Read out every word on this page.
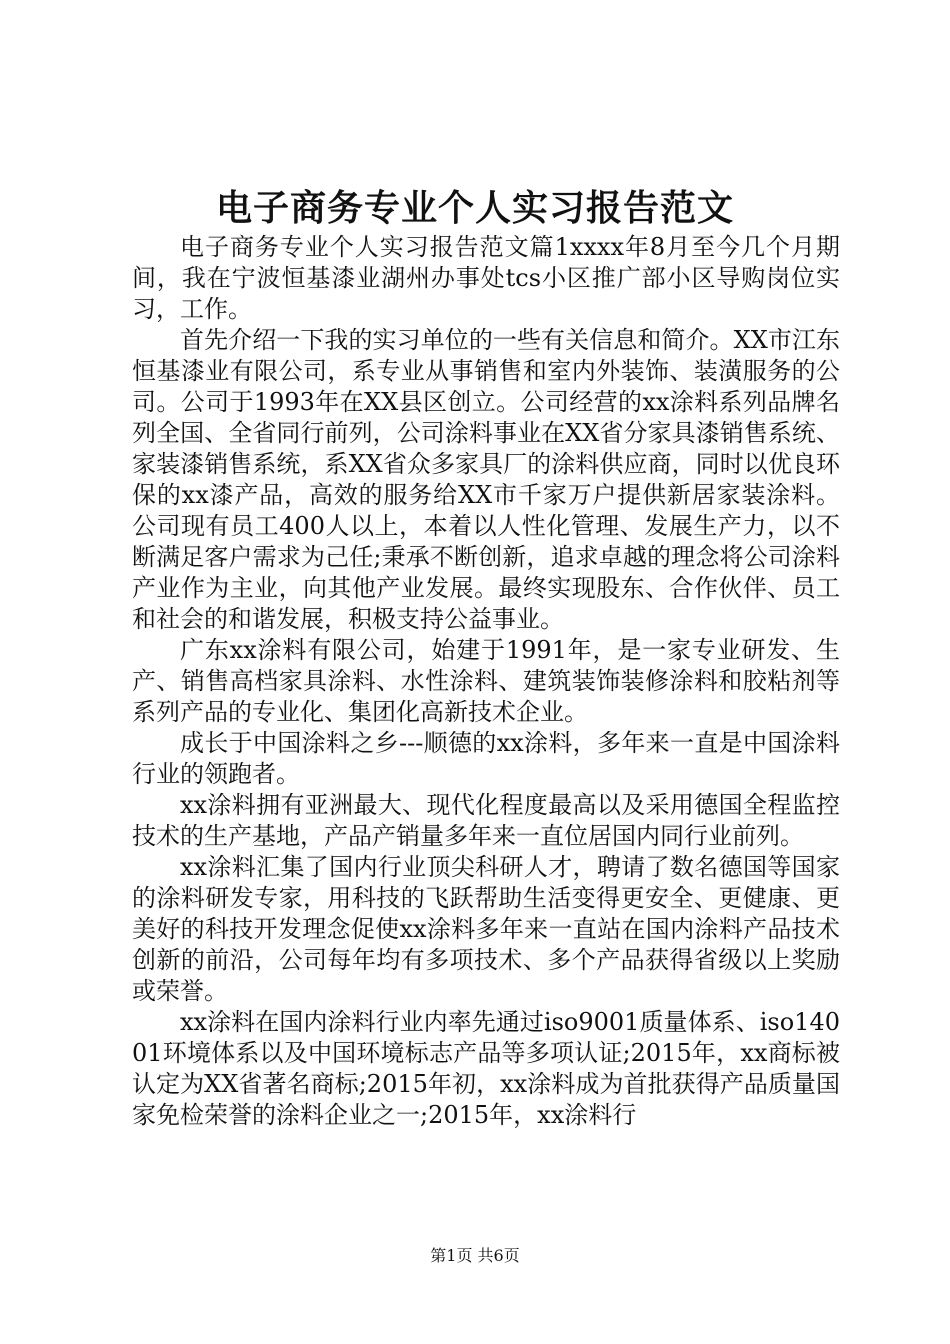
电子商务专业个人实习报告范文

电子商务专业个人实习报告范文篇1xxxx年8月至今几个月期间，我在宁波恒基漆业湖州办事处tcs小区推广部小区导购岗位实习，工作。

首先介绍一下我的实习单位的一些有关信息和简介。XX市江东恒基漆业有限公司，系专业从事销售和室内外装饰、装潢服务的公司。公司于1993年在XX县区创立。公司经营的xx涂料系列品牌名列全国、全省同行前列，公司涂料事业在XX省分家具漆销售系统、家装漆销售系统，系XX省众多家具厂的涂料供应商，同时以优良环保的xx漆产品，高效的服务给XX市千家万户提供新居家装涂料。公司现有员工400人以上，本着以人性化管理、发展生产力，以不断满足客户需求为己任;秉承不断创新，追求卓越的理念将公司涂料产业作为主业，向其他产业发展。最终实现股东、合作伙伴、员工和社会的和谐发展，积极支持公益事业。

广东xx涂料有限公司，始建于1991年，是一家专业研发、生产、销售高档家具涂料、水性涂料、建筑装饰装修涂料和胶粘剂等系列产品的专业化、集团化高新技术企业。

成长于中国涂料之乡---顺德的xx涂料，多年来一直是中国涂料行业的领跑者。

xx涂料拥有亚洲最大、现代化程度最高以及采用德国全程监控技术的生产基地，产品产销量多年来一直位居国内同行业前列。

xx涂料汇集了国内行业顶尖科研人才，聘请了数名德国等国家的涂料研发专家，用科技的飞跃帮助生活变得更安全、更健康、更美好的科技开发理念促使xx涂料多年来一直站在国内涂料产品技术创新的前沿，公司每年均有多项技术、多个产品获得省级以上奖励或荣誉。

xx涂料在国内涂料行业内率先通过iso9001质量体系、iso14001环境体系以及中国环境标志产品等多项认证;2015年，xx商标被认定为XX省著名商标;2015年初，xx涂料成为首批获得产品质量国家免检荣誉的涂料企业之一;2015年，xx涂料行

第1页 共6页
